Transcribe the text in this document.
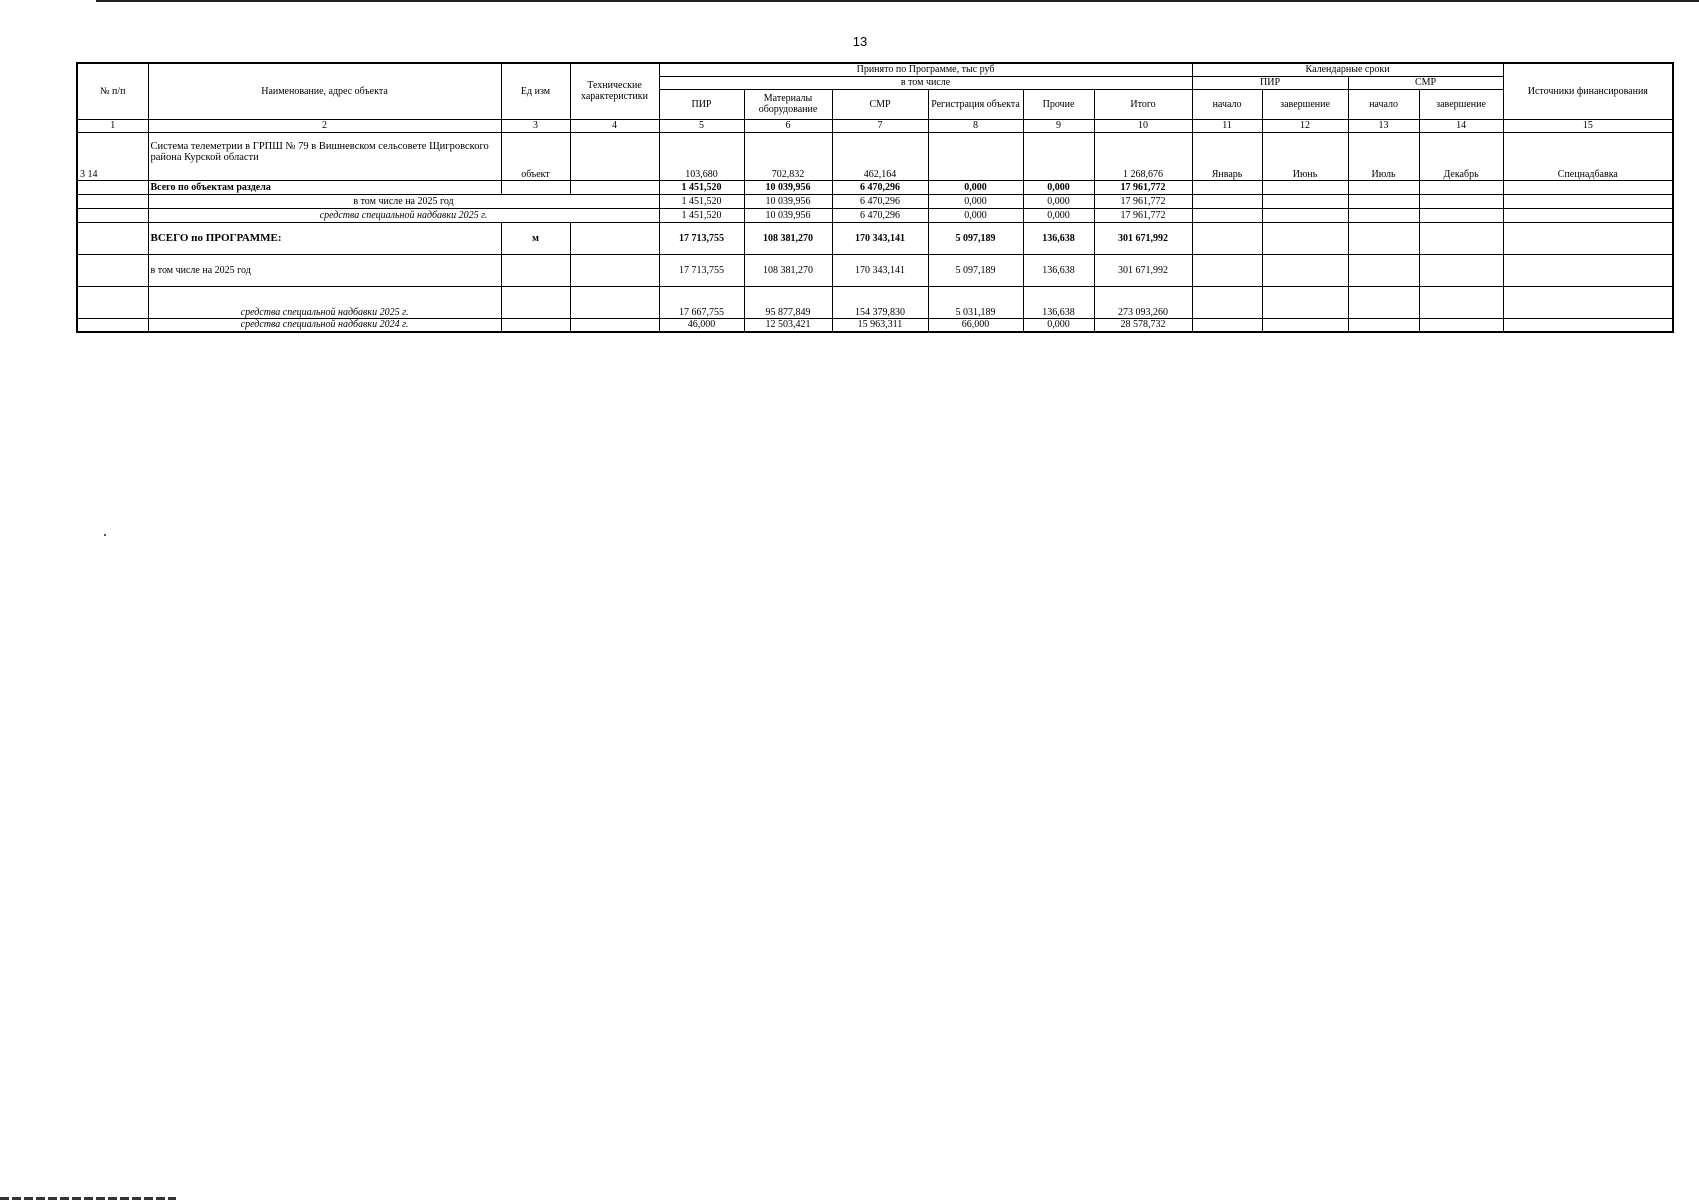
13
№ п/п	Наименование, адрес объекта	Ед изм	Технические характеристики	Принято по Программе, тыс руб						Календарные сроки				Источники финансирования
				в том числе						ПИР		СМР		
				ПИР	Материалы оборудование	СМР	Регистрация объекта	Прочие	Итого	начало	завершение	начало	завершение	

1	2	3	4	5	6	7	8	9	10	11	12	13	14	15
3 14	Система телеметрии в ГРПШ № 79 в Вишневском сельсовете Щигровского района Курской области	объект		103,680	702,832	462,164			1 268,676	Январь	Июнь	Июль	Декабрь	Спецнадбавка
	Всего по объектам раздела			1 451,520	10 039,956	6 470,296	0,000	0,000	17 961,772					
	в том числе на 2025 год			1 451,520	10 039,956	6 470,296	0,000	0,000	17 961,772					
	средства специальной надбавки 2025 г.			1 451,520	10 039,956	6 470,296	0,000	0,000	17 961,772					
	ВСЕГО по ПРОГРАММЕ:	м		17 713,755	108 381,270	170 343,141	5 097,189	136,638	301 671,992					
	в том числе на 2025 год			17 713,755	108 381,270	170 343,141	5 097,189	136,638	301 671,992					
	средства специальной надбавки 2025 г.			17 667,755	95 877,849	154 379,830	5 031,189	136,638	273 093,260					
	средства специальной надбавки 2024 г.			46,000	12 503,421	15 963,311	66,000	0,000	28 578,732					
